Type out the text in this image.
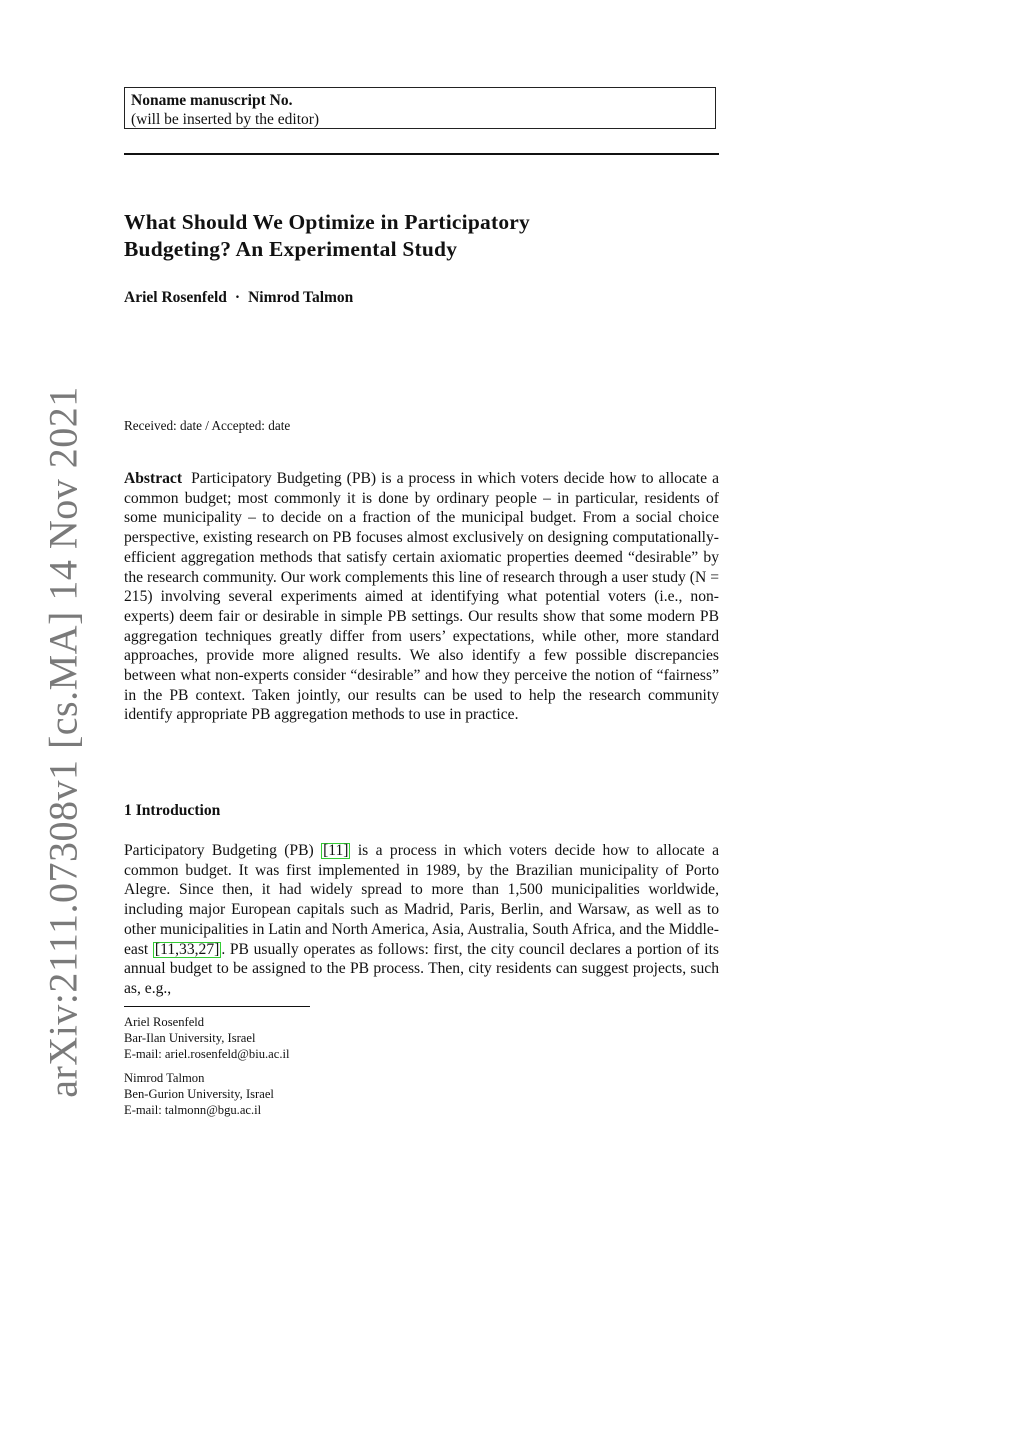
Noname manuscript No.
(will be inserted by the editor)
What Should We Optimize in Participatory
Budgeting? An Experimental Study
Ariel Rosenfeld · Nimrod Talmon
Received: date / Accepted: date

Abstract Participatory Budgeting (PB) is a process in which voters decide how to allocate a common budget; most commonly it is done by ordinary people – in particular, residents of some municipality – to decide on a fraction of the municipal budget. From a social choice perspective, existing research on PB focuses almost exclusively on designing computationally-efficient aggregation methods that satisfy certain axiomatic properties deemed “desirable” by the research community. Our work complements this line of research through a user study (N = 215) involving several experiments aimed at identifying what potential voters (i.e., non-experts) deem fair or desirable in simple PB settings. Our results show that some modern PB aggregation techniques greatly differ from users’ expectations, while other, more standard approaches, provide more aligned results. We also identify a few possible discrepancies between what non-experts consider “desirable” and how they perceive the notion of “fairness” in the PB context. Taken jointly, our results can be used to help the research community identify appropriate PB aggregation methods to use in practice.

1 Introduction

Participatory Budgeting (PB) [11] is a process in which voters decide how to allocate a common budget. It was first implemented in 1989, by the Brazilian municipality of Porto Alegre. Since then, it had widely spread to more than 1,500 municipalities worldwide, including major European capitals such as Madrid, Paris, Berlin, and Warsaw, as well as to other municipalities in Latin and North America, Asia, Australia, South Africa, and the Middle-east [11,33,27] . PB usually operates as follows: first, the city council declares a portion of its annual budget to be assigned to the PB process. Then, city residents can suggest projects, such as, e.g.,

Ariel Rosenfeld
Bar-Ilan University, Israel
E-mail: ariel.rosenfeld@biu.ac.il
Nimrod Talmon
Ben-Gurion University, Israel
E-mail: talmonn@bgu.ac.il
arXiv:2111.07308v1 [cs.MA] 14 Nov 2021
